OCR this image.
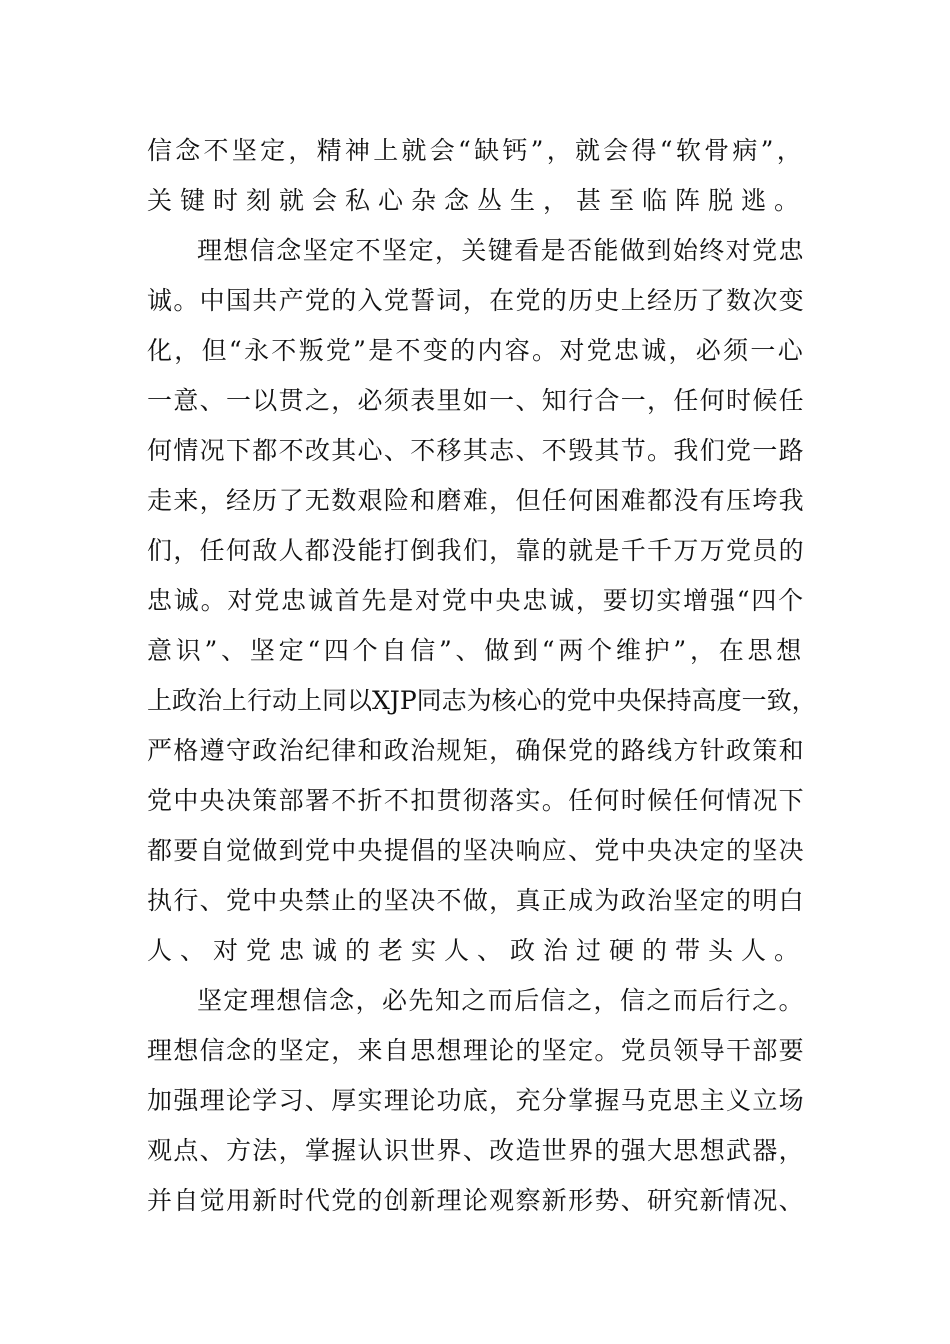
信念不坚定，精神上就会“缺钙”，就会得“软骨病”，
关键时刻就会私心杂念丛生，甚至临阵脱逃。
理想信念坚定不坚定，关键看是否能做到始终对党忠
诚。中国共产党的入党誓词，在党的历史上经历了数次变
化，但“永不叛党”是不变的内容。对党忠诚，必须一心
一意、一以贯之，必须表里如一、知行合一，任何时候任
何情况下都不改其心、不移其志、不毁其节。我们党一路
走来，经历了无数艰险和磨难，但任何困难都没有压垮我
们，任何敌人都没能打倒我们，靠的就是千千万万党员的
忠诚。对党忠诚首先是对党中央忠诚，要切实增强“四个
意识”、坚定“四个自信”、做到“两个维护”，在思想
上政治上行动上同以XJP同志为核心的党中央保持高度一致，
严格遵守政治纪律和政治规矩，确保党的路线方针政策和
党中央决策部署不折不扣贯彻落实。任何时候任何情况下
都要自觉做到党中央提倡的坚决响应、党中央决定的坚决
执行、党中央禁止的坚决不做，真正成为政治坚定的明白
人、对党忠诚的老实人、政治过硬的带头人。
坚定理想信念，必先知之而后信之，信之而后行之。
理想信念的坚定，来自思想理论的坚定。党员领导干部要
加强理论学习、厚实理论功底，充分掌握马克思主义立场
观点、方法，掌握认识世界、改造世界的强大思想武器，
并自觉用新时代党的创新理论观察新形势、研究新情况、
